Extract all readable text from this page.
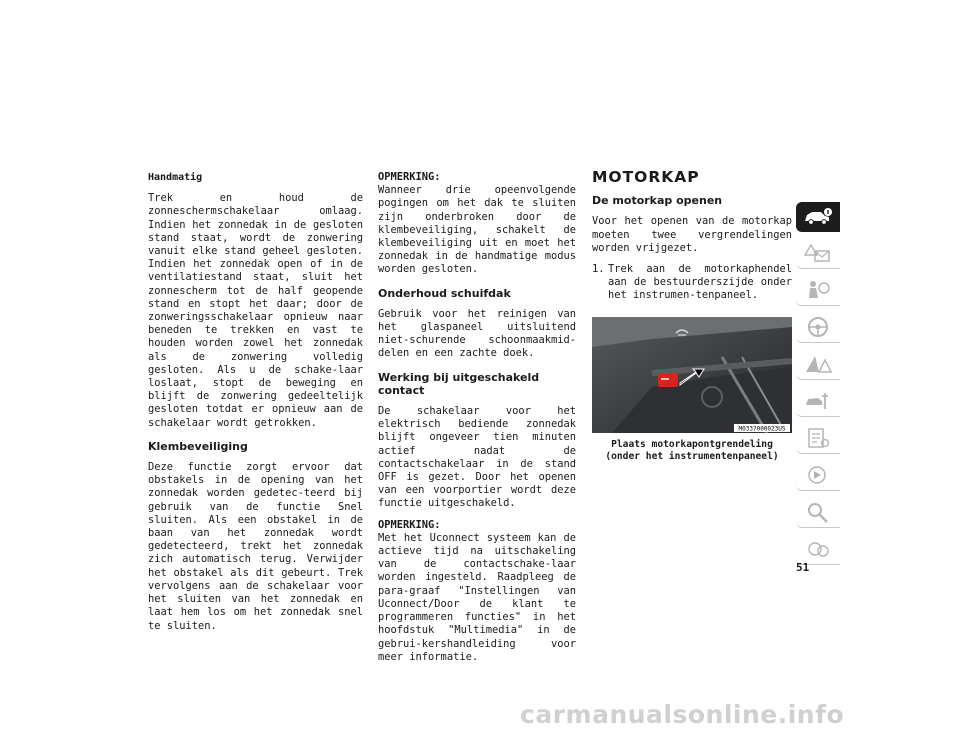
Handmatig

Trek en houd de zonneschermschakelaar omlaag. Indien het zonnedak in de gesloten stand staat, wordt de zonwering vanuit elke stand geheel gesloten. Indien het zonnedak open of in de ventilatiestand staat, sluit het zonnescherm tot de half geopende stand en stopt het daar; door de zonweringsschakelaar opnieuw naar beneden te trekken en vast te houden worden zowel het zonnedak als de zonwering volledig gesloten. Als u de schake-laar loslaat, stopt de beweging en blijft de zonwering gedeeltelijk gesloten totdat er opnieuw aan de schakelaar wordt getrokken.

Klembeveiliging

Deze functie zorgt ervoor dat obstakels in de opening van het zonnedak worden gedetec-teerd bij gebruik van de functie Snel sluiten. Als een obstakel in de baan van het zonnedak wordt gedetecteerd, trekt het zonnedak zich automatisch terug. Verwijder het obstakel als dit gebeurt. Trek vervolgens aan de schakelaar voor het sluiten van het zonnedak en laat hem los om het zonnedak snel te sluiten.

OPMERKING:

Wanneer drie opeenvolgende pogingen om het dak te sluiten zijn onderbroken door de klembeveiliging, schakelt de klembeveiliging uit en moet het zonnedak in de handmatige modus worden gesloten.

Onderhoud schuifdak

Gebruik voor het reinigen van het glaspaneel uitsluitend niet-schurende schoonmaakmid-delen en een zachte doek.

Werking bij uitgeschakeld contact

De schakelaar voor het elektrisch bediende zonnedak blijft ongeveer tien minuten actief nadat de contactschakelaar in de stand OFF is gezet. Door het openen van een voorportier wordt deze functie uitgeschakeld.

OPMERKING:

Met het Uconnect systeem kan de actieve tijd na uitschakeling van de contactschake-laar worden ingesteld. Raadpleeg de para-graaf "Instellingen van Uconnect/Door de klant te programmeren functies" in het hoofdstuk "Multimedia" in de gebrui-kershandleiding voor meer informatie.

MOTORKAP
De motorkap openen

Voor het openen van de motorkap moeten twee vergrendelingen worden vrijgezet.

1. Trek aan de motorkaphendel aan de bestuurderszijde onder het instrumen-tenpaneel.
M0337000023US
Plaats motorkapontgrendeling (onder het instrumentenpaneel)
51
carmanualsonline.info
